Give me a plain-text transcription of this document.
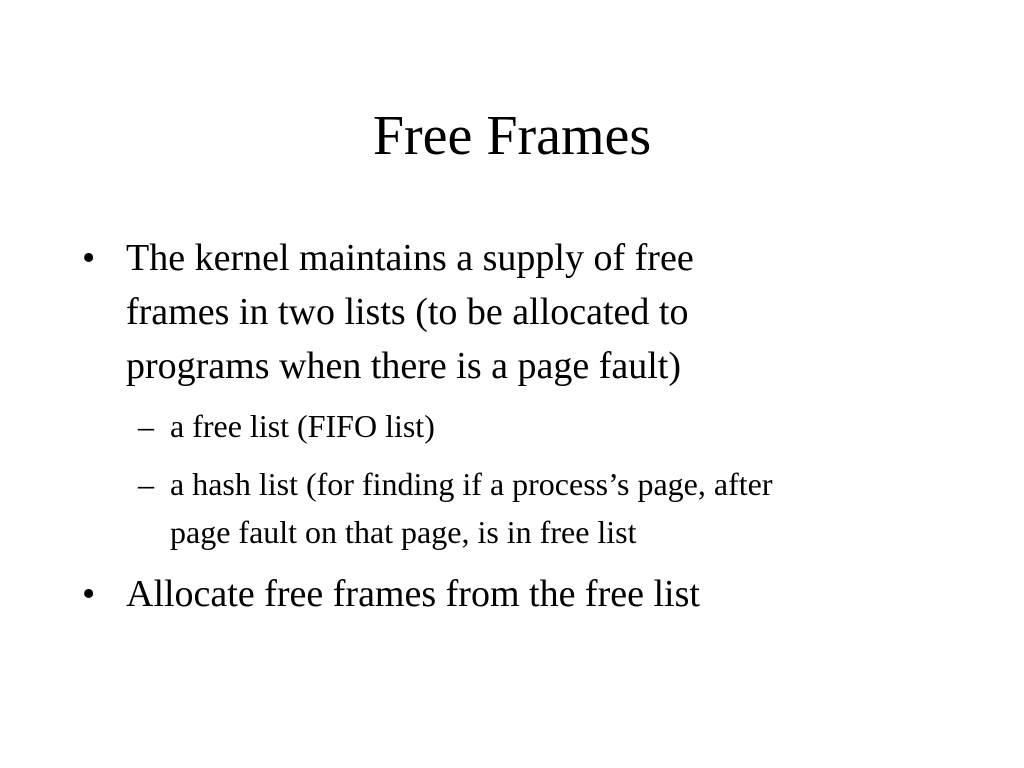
Free Frames
• The kernel maintains a supply of free
frames in two lists (to be allocated to
programs when there is a page fault)
– a free list (FIFO list)
– a hash list (for finding if a process’s page, after
page fault on that page, is in free list
• Allocate free frames from the free list
